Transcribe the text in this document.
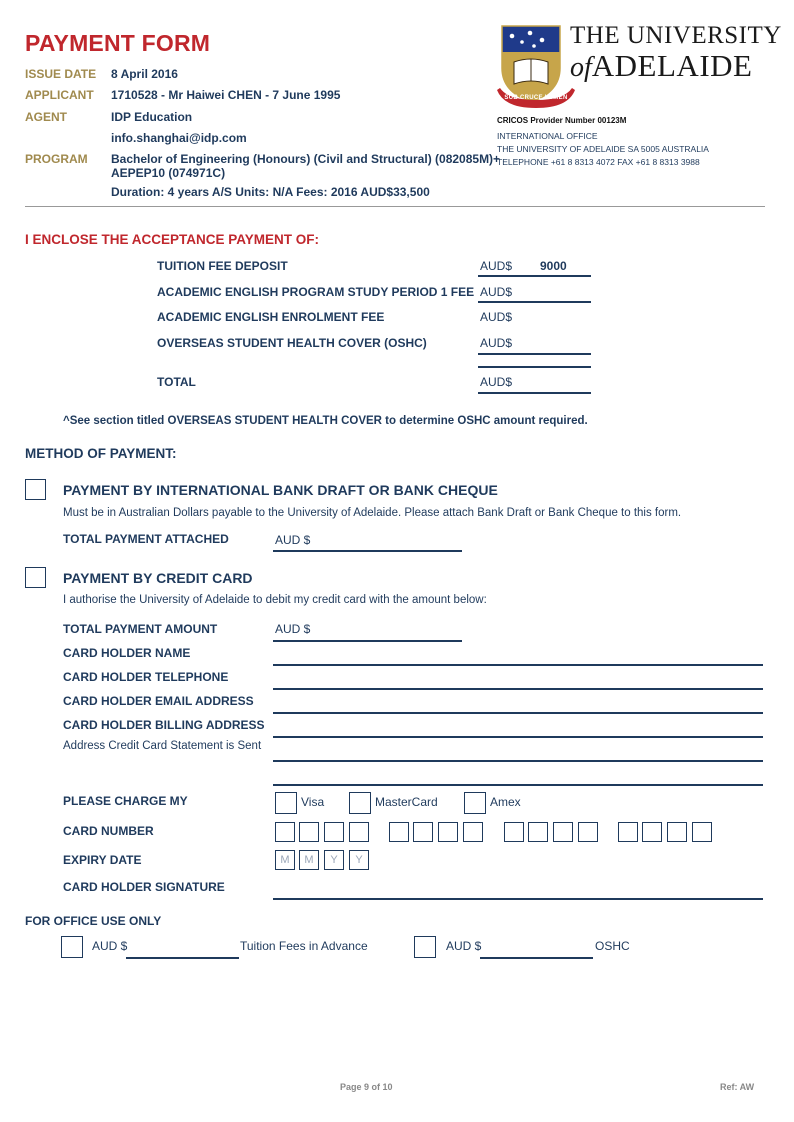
PAYMENT FORM
ISSUE DATE 8 April 2016
APPLICANT 1710528 - Mr Haiwei CHEN - 7 June 1995
AGENT	IDP Education
info.shanghai@idp.com
PROGRAM Bachelor of Engineering (Honours) (Civil and Structural) (082085M)+
AEPEP10 (074971C)
Duration: 4 years A/S Units: N/A Fees: 2016 AUD$33,500
SUB CRUCE LUMEN
THE UNIVERSITY
ofADELAIDE
CRICOS Provider Number 00123M
INTERNATIONAL OFFICE
THE UNIVERSITY OF ADELAIDE SA 5005 AUSTRALIA
TELEPHONE +61 8 8313 4072 FAX +61 8 8313 3988
I ENCLOSE THE ACCEPTANCE PAYMENT OF:
TUITION FEE DEPOSIT	AUD$ 9000
ACADEMIC ENGLISH PROGRAM STUDY PERIOD 1 FEE AUD$
ACADEMIC ENGLISH ENROLMENT FEE	AUD$
OVERSEAS STUDENT HEALTH COVER (OSHC)	AUD$
TOTAL	AUD$
^See section titled OVERSEAS STUDENT HEALTH COVER to determine OSHC amount required.
METHOD OF PAYMENT:
PAYMENT BY INTERNATIONAL BANK DRAFT OR BANK CHEQUE
Must be in Australian Dollars payable to the University of Adelaide. Please attach Bank Draft or Bank Cheque to this form.
TOTAL PAYMENT ATTACHED	AUD $
PAYMENT BY CREDIT CARD
I authorise the University of Adelaide to debit my credit card with the amount below:
TOTAL PAYMENT AMOUNT	AUD $
CARD HOLDER NAME
CARD HOLDER TELEPHONE
CARD HOLDER EMAIL ADDRESS
CARD HOLDER BILLING ADDRESS
Address Credit Card Statement is Sent
PLEASE CHARGE MY	Visa	MasterCard	Amex
CARD NUMBER
EXPIRY DATE	M	M	Y	Y
CARD HOLDER SIGNATURE
FOR OFFICE USE ONLY
AUD $	Tuition Fees in Advance	AUD $	OSHC
Page 9 of 10	Ref: AW
